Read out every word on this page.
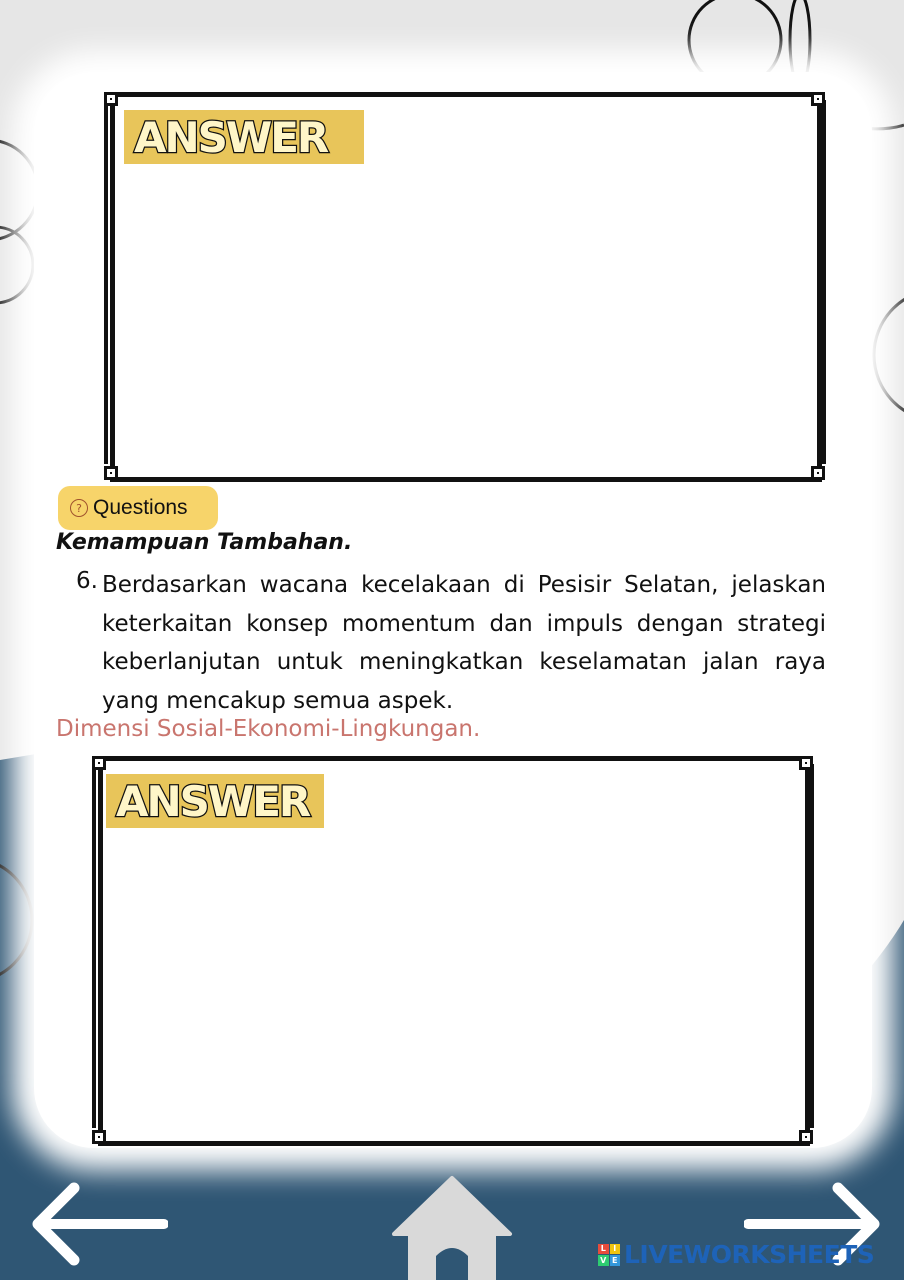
ANSWER
? Questions
Kemampuan Tambahan.
6. Berdasarkan wacana kecelakaan di Pesisir Selatan, jelaskan keterkaitan konsep momentum dan impuls dengan strategi keberlanjutan untuk meningkatkan keselamatan jalan raya yang mencakup semua aspek.
Dimensi Sosial-Ekonomi-Lingkungan.
ANSWER
L I
V E LIVEWORKSHEETS
